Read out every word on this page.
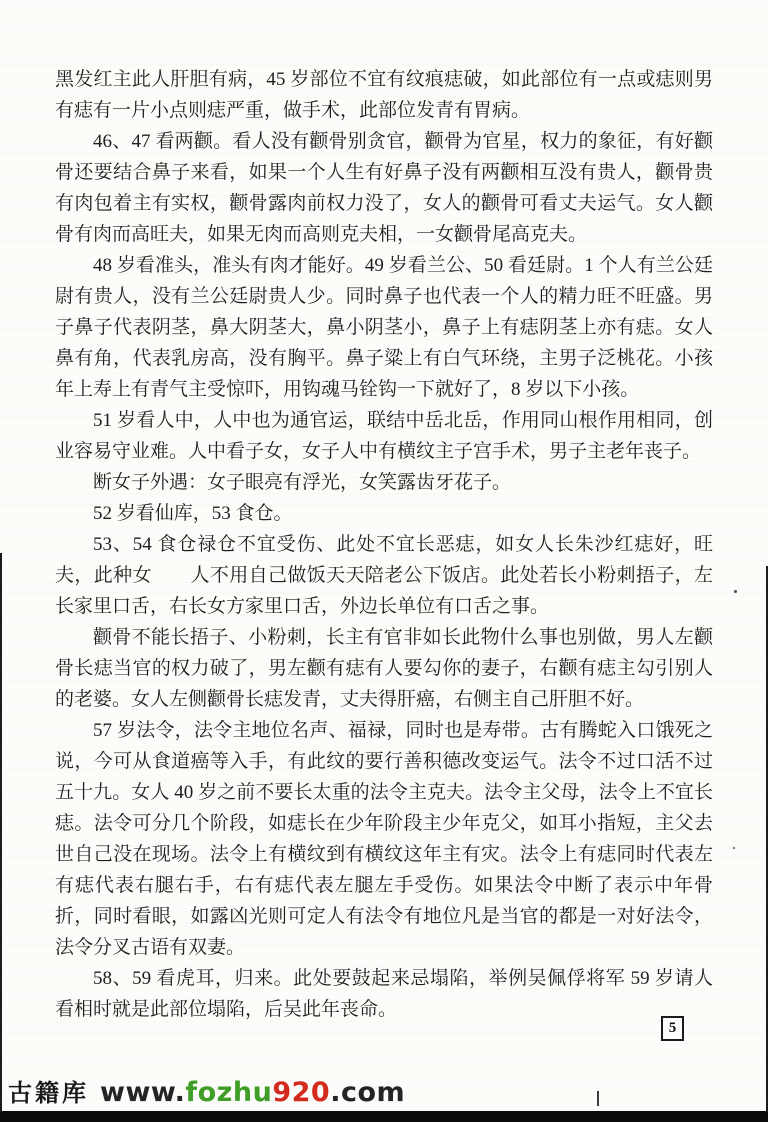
黑发红主此人肝胆有病，45 岁部位不宜有纹痕痣破，如此部位有一点或痣则男有痣有一片小点则痣严重，做手术，此部位发青有胃病。

46、47 看两颧。看人没有颧骨别贪官，颧骨为官星，权力的象征，有好颧骨还要结合鼻子来看，如果一个人生有好鼻子没有两颧相互没有贵人，颧骨贵有肉包着主有实权，颧骨露肉前权力没了，女人的颧骨可看丈夫运气。女人颧骨有肉而高旺夫，如果无肉而高则克夫相，一女颧骨尾高克夫。

48 岁看准头，准头有肉才能好。49 岁看兰公、50 看廷尉。1 个人有兰公廷尉有贵人，没有兰公廷尉贵人少。同时鼻子也代表一个人的精力旺不旺盛。男子鼻子代表阴茎，鼻大阴茎大，鼻小阴茎小，鼻子上有痣阴茎上亦有痣。女人鼻有角，代表乳房高，没有胸平。鼻子粱上有白气环绕，主男子泛桃花。小孩年上寿上有青气主受惊吓，用钩魂马铨钩一下就好了，8 岁以下小孩。

51 岁看人中，人中也为通官运，联结中岳北岳，作用同山根作用相同，创业容易守业难。人中看子女，女子人中有横纹主子宫手术，男子主老年丧子。

断女子外遇：女子眼亮有浮光，女笑露齿牙花子。

52 岁看仙库，53 食仓。

53、54 食仓禄仓不宜受伤、此处不宜长恶痣，如女人长朱沙红痣好，旺夫，此种女　　人不用自己做饭天天陪老公下饭店。此处若长小粉刺捂子，左长家里口舌，右长女方家里口舌，外边长单位有口舌之事。

颧骨不能长捂子、小粉刺，长主有官非如长此物什么事也别做，男人左颧骨长痣当官的权力破了，男左颧有痣有人要勾你的妻子，右颧有痣主勾引别人的老婆。女人左侧颧骨长痣发青，丈夫得肝癌，右侧主自己肝胆不好。

57 岁法令，法令主地位名声、福禄，同时也是寿带。古有腾蛇入口饿死之说，今可从食道癌等入手，有此纹的要行善积德改变运气。法令不过口活不过五十九。女人 40 岁之前不要长太重的法令主克夫。法令主父母，法令上不宜长痣。法令可分几个阶段，如痣长在少年阶段主少年克父，如耳小指短，主父去世自己没在现场。法令上有横纹到有横纹这年主有灾。法令上有痣同时代表左有痣代表右腿右手，右有痣代表左腿左手受伤。如果法令中断了表示中年骨折，同时看眼，如露凶光则可定人有法令有地位凡是当官的都是一对好法令，法令分叉古语有双妻。

58、59 看虎耳，归来。此处要鼓起来忌塌陷，举例吴佩俘将军 59 岁请人看相时就是此部位塌陷，后吴此年丧命。

5
古籍库 www.fozhu920.com
